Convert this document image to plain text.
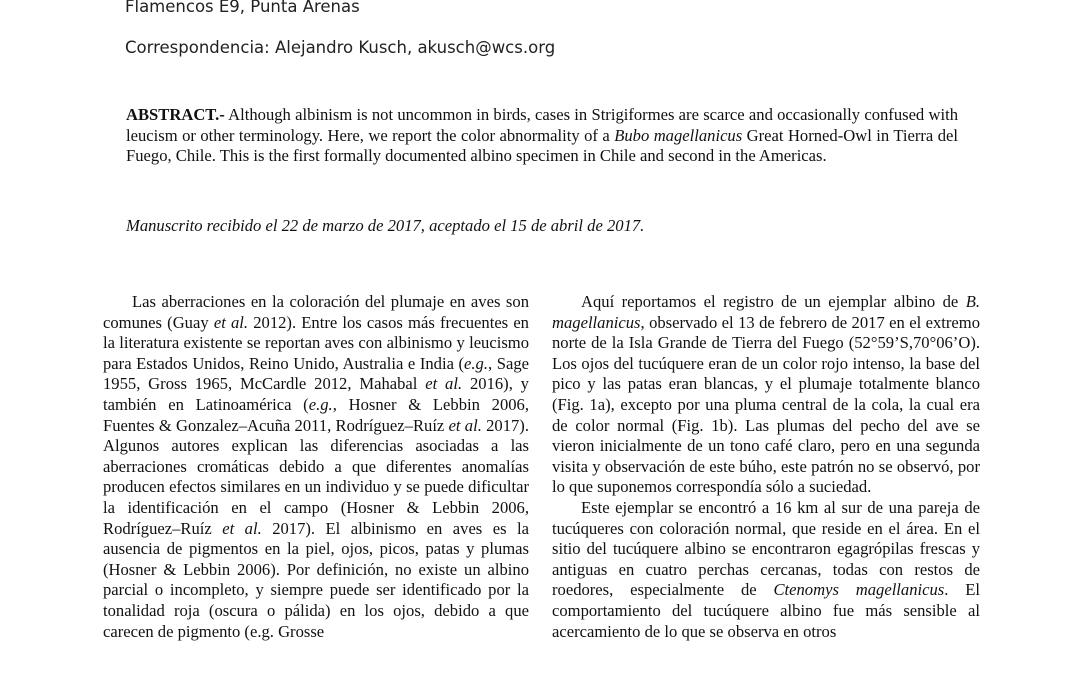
Flamencos E9, Punta Arenas
Correspondencia: Alejandro Kusch, akusch@wcs.org
ABSTRACT.- Although albinism is not uncommon in birds, cases in Strigiformes are scarce and occasionally confused with leucism or other terminology. Here, we report the color abnormality of a Bubo magellanicus Great Horned-Owl in Tierra del Fuego, Chile. This is the first formally documented albino specimen in Chile and second in the Americas.
Manuscrito recibido el 22 de marzo de 2017, aceptado el 15 de abril de 2017.

Las aberraciones en la coloración del plumaje en aves son comunes (Guay et al. 2012). Entre los casos más frecuentes en la literatura existente se reportan aves con albinismo y leucismo para Estados Unidos, Reino Unido, Australia e India (e.g., Sage 1955, Gross 1965, McCardle 2012, Mahabal et al. 2016), y también en Latinoamérica (e.g., Hosner & Lebbin 2006, Fuentes & Gonzalez–Acuña 2011, Rodríguez–Ruíz et al. 2017). Algunos autores explican las diferencias asociadas a las aberraciones cromáticas debido a que diferentes anomalías producen efectos similares en un individuo y se puede dificultar la identificación en el campo (Hosner & Lebbin 2006, Rodríguez–Ruíz et al. 2017). El albinismo en aves es la ausencia de pigmentos en la piel, ojos, picos, patas y plumas (Hosner & Lebbin 2006). Por definición, no existe un albino parcial o incompleto, y siempre puede ser identificado por la tonalidad roja (oscura o pálida) en los ojos, debido a que carecen de pigmento (e.g. Grosse

Aquí reportamos el registro de un ejemplar albino de B. magellanicus, observado el 13 de febrero de 2017 en el extremo norte de la Isla Grande de Tierra del Fuego (52°59’S,70°06’O). Los ojos del tucúquere eran de un color rojo intenso, la base del pico y las patas eran blancas, y el plumaje totalmente blanco (Fig. 1a), excepto por una pluma central de la cola, la cual era de color normal (Fig. 1b). Las plumas del pecho del ave se vieron inicialmente de un tono café claro, pero en una segunda visita y observación de este búho, este patrón no se observó, por lo que suponemos correspondía sólo a suciedad.

Este ejemplar se encontró a 16 km al sur de una pareja de tucúqueres con coloración normal, que reside en el área. En el sitio del tucúquere albino se encontraron egagrópilas frescas y antiguas en cuatro perchas cercanas, todas con restos de roedores, especialmente de Ctenomys magellanicus. El comportamiento del tucúquere albino fue más sensible al acercamiento de lo que se observa en otros
